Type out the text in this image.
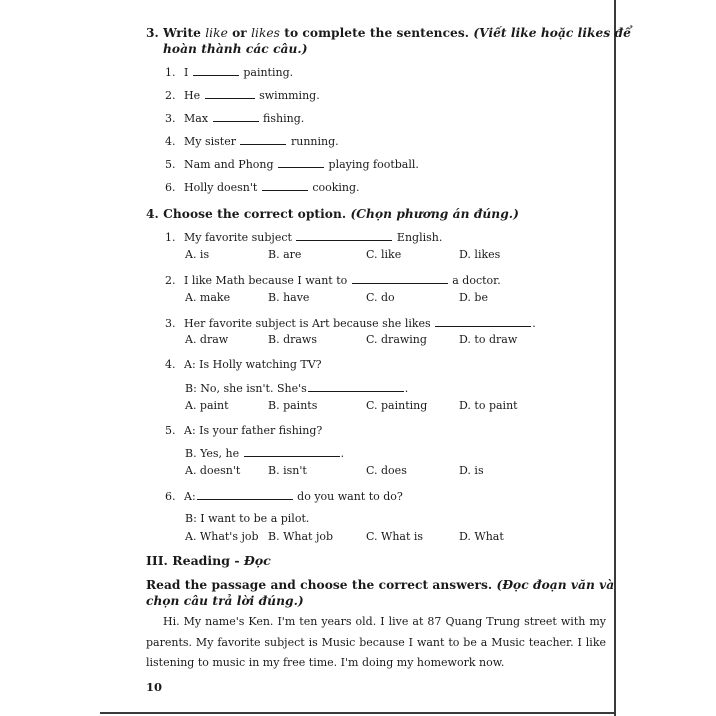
3. Write like or likes to complete the sentences. (Viết like hoặc likes để
hoàn thành các câu.)
1. I	painting.
2. He	swimming.
3. Max	fishing.
4. My sister	running.
5. Nam and Phong	playing football.
6. Holly doesn't	cooking.
4. Choose the correct option. (Chọn phương án đúng.)
1. My favorite subject	English.
A. is	B. are	C. like	D. likes
2. I like Math because I want to	a doctor.
A. make	B. have	C. do	D. be
3. Her favorite subject is Art because she likes	.
A. draw	B. draws	C. drawing	D. to draw
4. A: Is Holly watching TV?
B: No, she isn't. She's	.
A. paint	B. paints	C. painting	D. to paint
5. A: Is your father fishing?
B. Yes, he	.
A. doesn't	B. isn't	C. does	D. is
6. A:	do you want to do?
B: I want to be a pilot.
A. What's job B. What job	C. What is	D. What
III. Reading - Đọc
Read the passage and choose the correct answers. (Đọc đoạn văn và
chọn câu trả lời đúng.)
Hi. My name's Ken. I'm ten years old. I live at 87 Quang Trung street with my parents. My favorite subject is Music because I want to be a Music teacher. I like listening to music in my free time. I'm doing my homework now.
10
